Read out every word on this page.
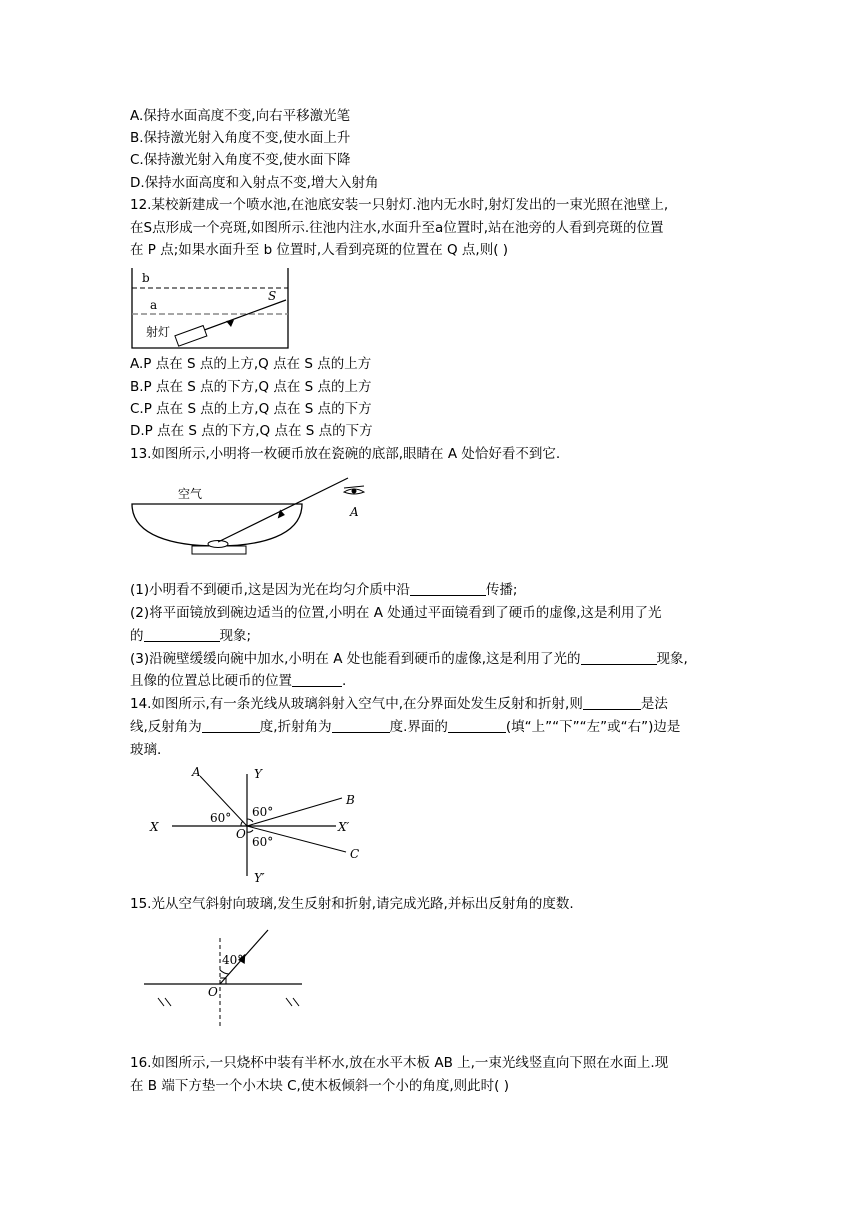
A.保持水面高度不变,向右平移激光笔
B.保持激光射入角度不变,使水面上升
C.保持激光射入角度不变,使水面下降
D.保持水面高度和入射点不变,增大入射角
12.某校新建成一个喷水池,在池底安装一只射灯.池内无水时,射灯发出的一束光照在池壁上,
在S点形成一个亮斑,如图所示.往池内注水,水面升至a位置时,站在池旁的人看到亮斑的位置
在 P 点;如果水面升至 b 位置时,人看到亮斑的位置在 Q 点,则( )
b
a
S
射灯
A.P 点在 S 点的上方,Q 点在 S 点的上方
B.P 点在 S 点的下方,Q 点在 S 点的上方
C.P 点在 S 点的上方,Q 点在 S 点的下方
D.P 点在 S 点的下方,Q 点在 S 点的下方
13.如图所示,小明将一枚硬币放在瓷碗的底部,眼睛在 A 处恰好看不到它.
空气
A
(1)小明看不到硬币,这是因为光在均匀介质中沿	传播;
(2)将平面镜放到碗边适当的位置,小明在 A 处通过平面镜看到了硬币的虚像,这是利用了光
的	现象;
(3)沿碗壁缓缓向碗中加水,小明在 A 处也能看到硬币的虚像,这是利用了光的	现象,
且像的位置总比硬币的位置	.
14.如图所示,有一条光线从玻璃斜射入空气中,在分界面处发生反射和折射,则	是法
线,反射角为	度,折射角为	度.界面的	(填“上”“下”“左”或“右”)边是
玻璃.
A	Y
B
X	O	X′
C
Y′
60° 60°
60°
15.光从空气斜射向玻璃,发生反射和折射,请完成光路,并标出反射角的度数.
40°
O
16.如图所示,一只烧杯中装有半杯水,放在水平木板 AB 上,一束光线竖直向下照在水面上.现
在 B 端下方垫一个小木块 C,使木板倾斜一个小的角度,则此时( )
